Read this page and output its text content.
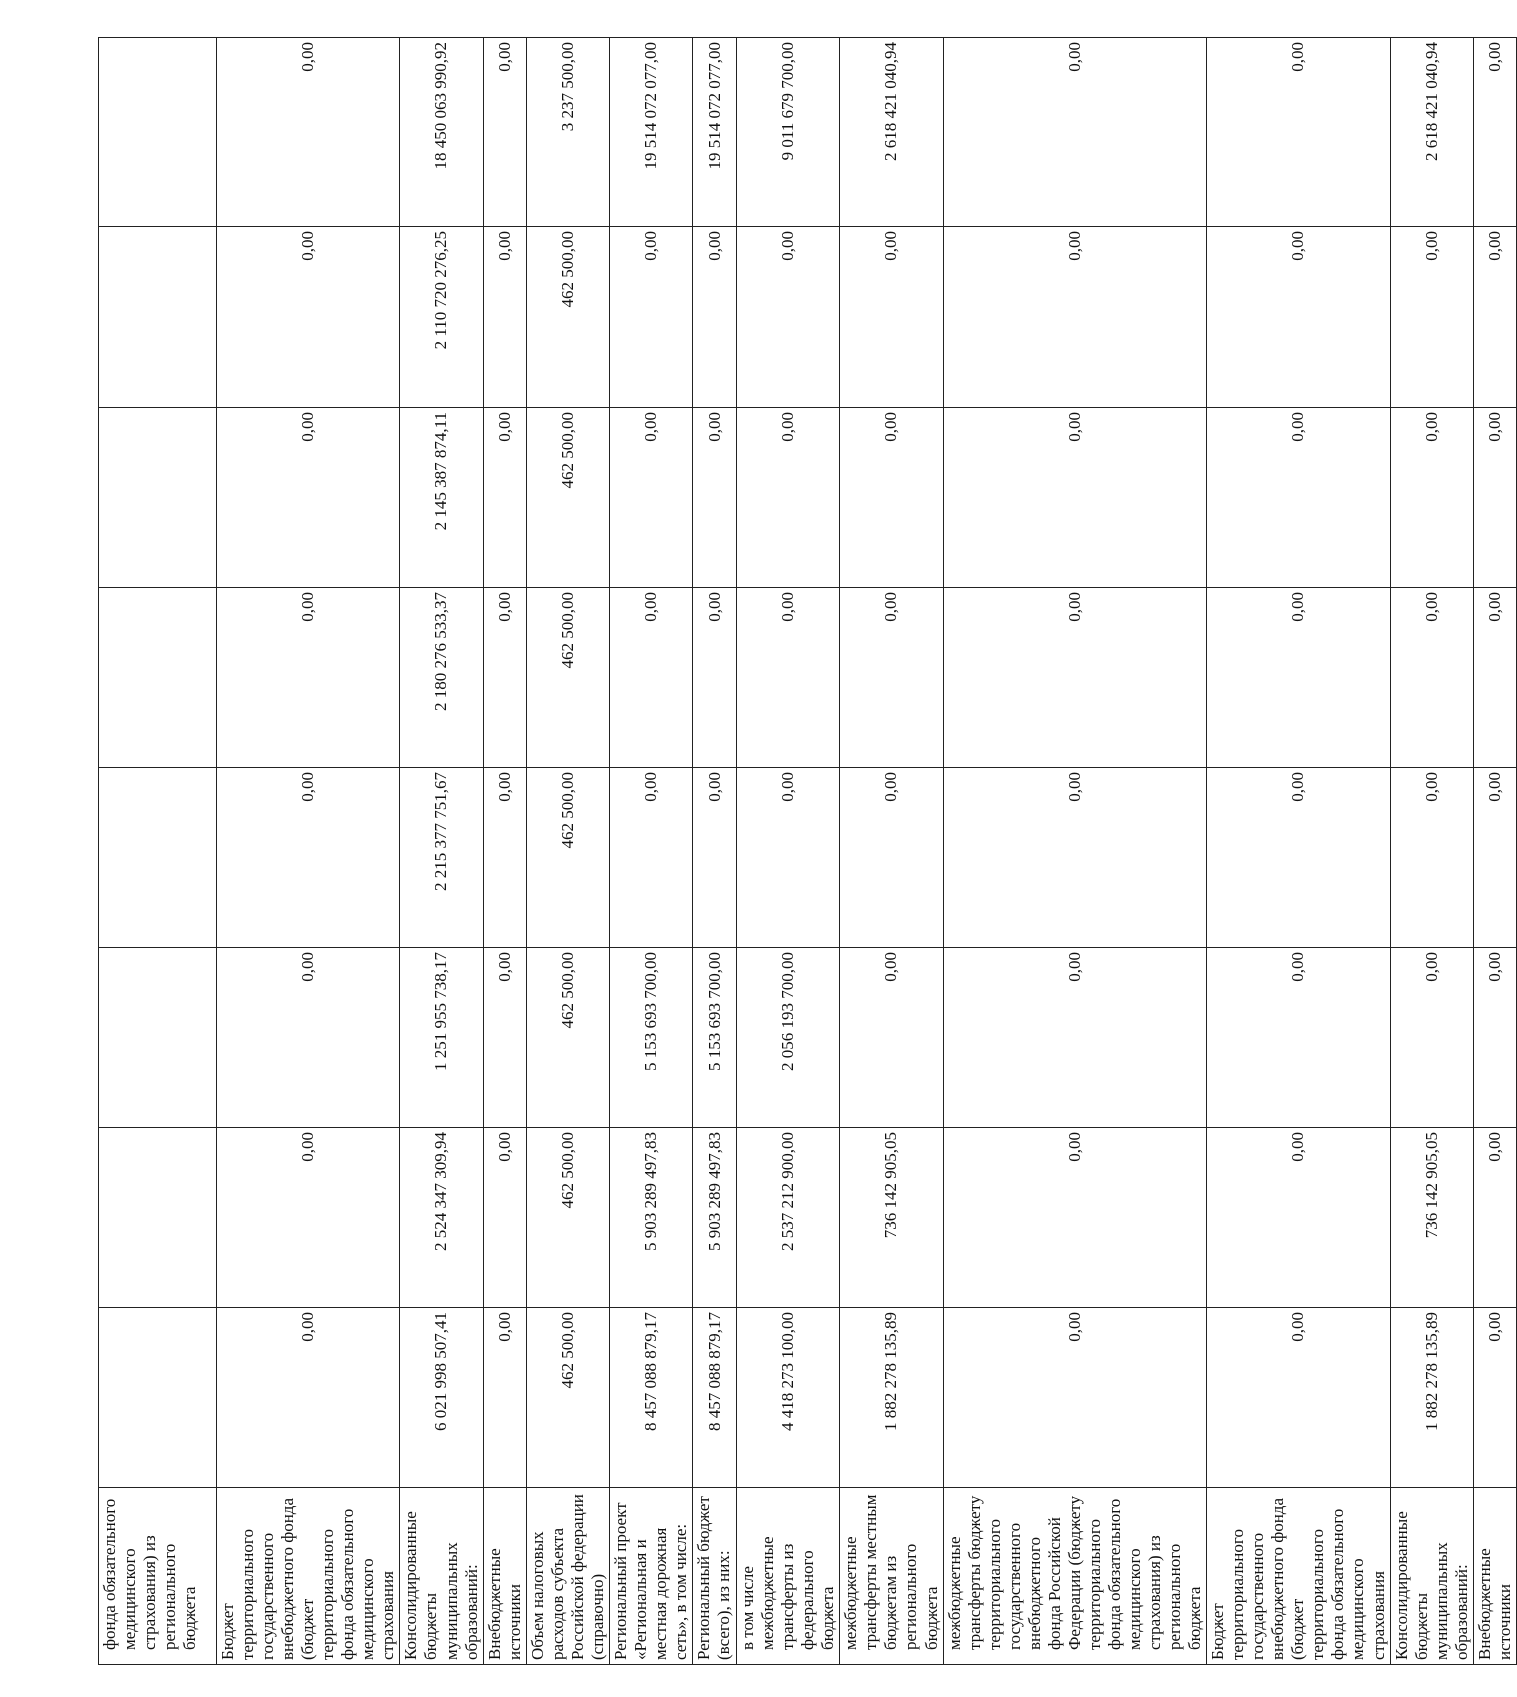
фонда обязательного медицинского страхования) из регионального бюджета								
Бюджет территориального государственного внебюджетного фонда (бюджет территориального фонда обязательного медицинского страхования	0,00	0,00	0,00	0,00	0,00	0,00	0,00	0,00
Консолидированные бюджеты муниципальных образований:	6 021 998 507,41	2 524 347 309,94	1 251 955 738,17	2 215 377 751,67	2 180 276 533,37	2 145 387 874,11	2 110 720 276,25	18 450 063 990,92
Внебюджетные источники	0,00	0,00	0,00	0,00	0,00	0,00	0,00	0,00
Объем налоговых расходов субъекта Российской федерации (справочно)	462 500,00	462 500,00	462 500,00	462 500,00	462 500,00	462 500,00	462 500,00	3 237 500,00
Региональный проект «Региональная и местная дорожная сеть», в том числе:	8 457 088 879,17	5 903 289 497,83	5 153 693 700,00	0,00	0,00	0,00	0,00	19 514 072 077,00
Региональный бюджет (всего), из них:	8 457 088 879,17	5 903 289 497,83	5 153 693 700,00	0,00	0,00	0,00	0,00	19 514 072 077,00
в том числе межбюджетные трансферты из федерального бюджета	4 418 273 100,00	2 537 212 900,00	2 056 193 700,00	0,00	0,00	0,00	0,00	9 011 679 700,00
межбюджетные трансферты местным бюджетам из регионального бюджета	1 882 278 135,89	736 142 905,05	0,00	0,00	0,00	0,00	0,00	2 618 421 040,94
межбюджетные трансферты бюджету территориального государственного внебюджетного фонда Российской Федерации (бюджету территориального фонда обязательного медицинского страхования) из регионального бюджета	0,00	0,00	0,00	0,00	0,00	0,00	0,00	0,00
Бюджет территориального государственного внебюджетного фонда (бюджет территориального фонда обязательного медицинского страхования	0,00	0,00	0,00	0,00	0,00	0,00	0,00	0,00
Консолидированные бюджеты муниципальных образований:	1 882 278 135,89	736 142 905,05	0,00	0,00	0,00	0,00	0,00	2 618 421 040,94
Внебюджетные источники	0,00	0,00	0,00	0,00	0,00	0,00	0,00	0,00
